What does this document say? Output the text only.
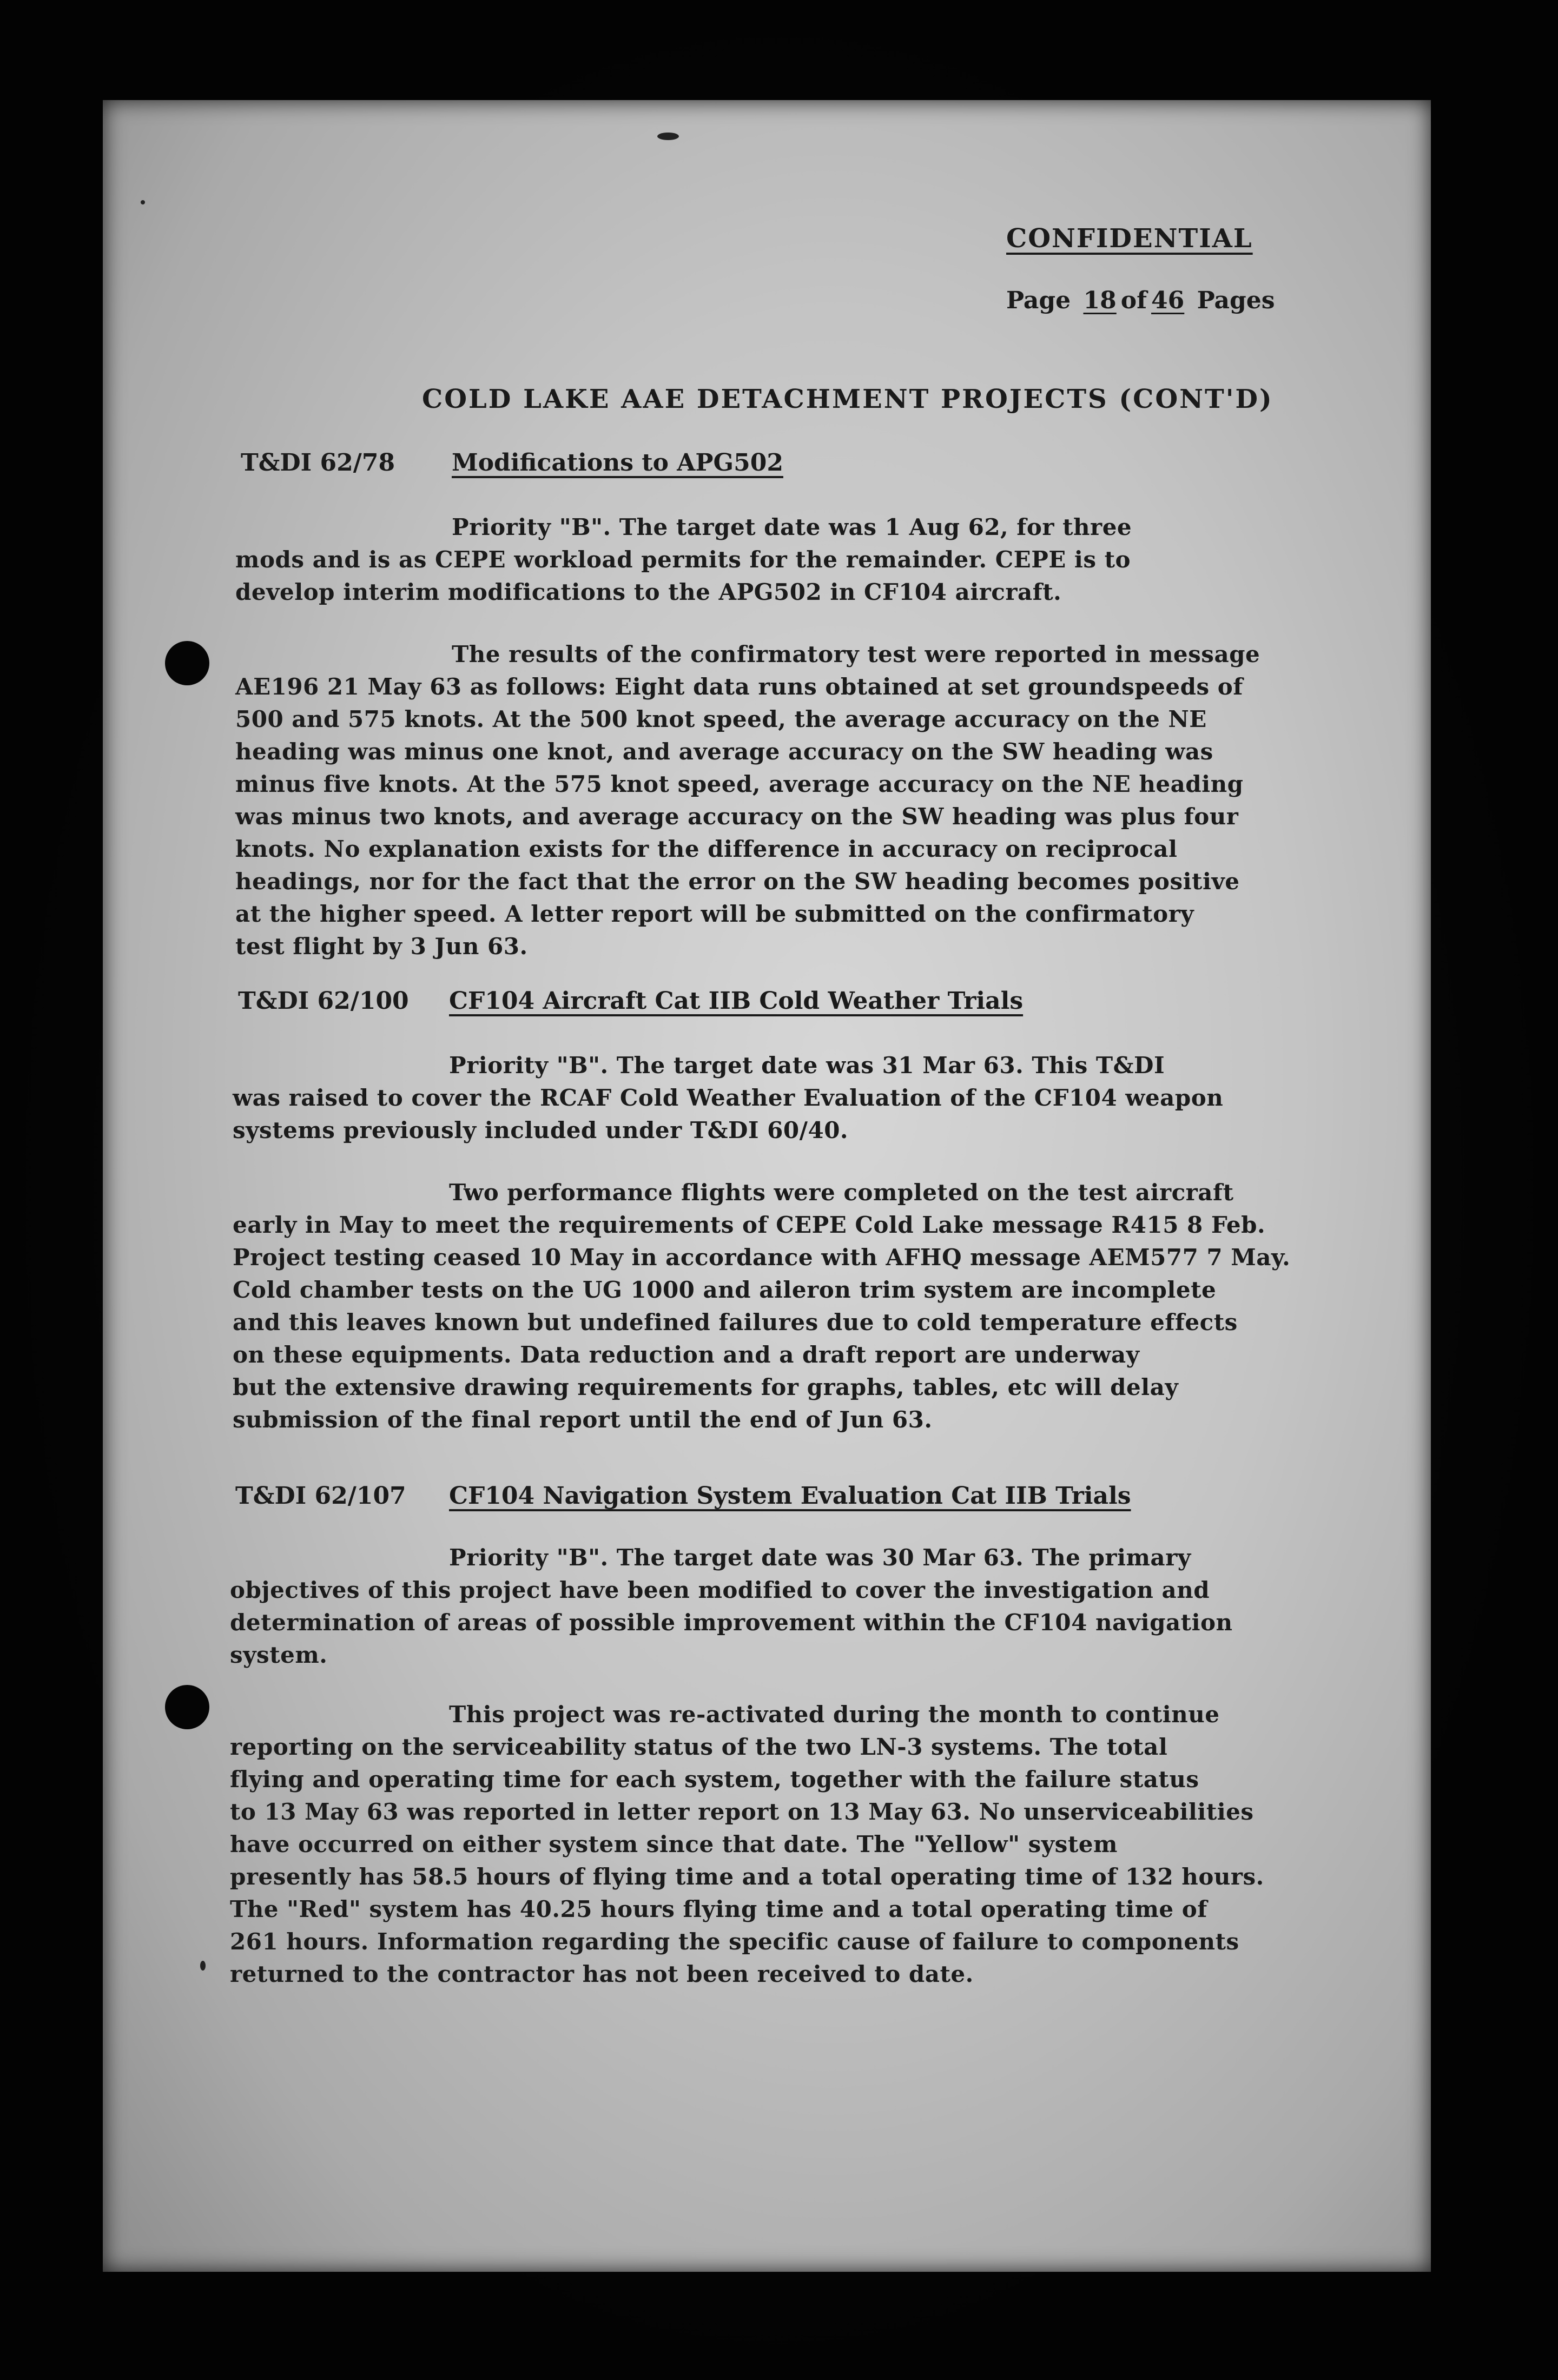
CONFIDENTIAL
Page 18 of 46 Pages
COLD LAKE AAE DETACHMENT PROJECTS (CONT'D)
T&DI 62/78 Modifications to APG502

Priority "B". The target date was 1 Aug 62, for three

mods and is as CEPE workload permits for the remainder. CEPE is to

develop interim modifications to the APG502 in CF104 aircraft.

The results of the confirmatory test were reported in message

AE196 21 May 63 as follows: Eight data runs obtained at set groundspeeds of

500 and 575 knots. At the 500 knot speed, the average accuracy on the NE

heading was minus one knot, and average accuracy on the SW heading was

minus five knots. At the 575 knot speed, average accuracy on the NE heading

was minus two knots, and average accuracy on the SW heading was plus four

knots. No explanation exists for the difference in accuracy on reciprocal

headings, nor for the fact that the error on the SW heading becomes positive

at the higher speed. A letter report will be submitted on the confirmatory

test flight by 3 Jun 63.

T&DI 62/100 CF104 Aircraft Cat IIB Cold Weather Trials

Priority "B". The target date was 31 Mar 63. This T&DI

was raised to cover the RCAF Cold Weather Evaluation of the CF104 weapon

systems previously included under T&DI 60/40.

Two performance flights were completed on the test aircraft

early in May to meet the requirements of CEPE Cold Lake message R415 8 Feb.

Project testing ceased 10 May in accordance with AFHQ message AEM577 7 May.

Cold chamber tests on the UG 1000 and aileron trim system are incomplete

and this leaves known but undefined failures due to cold temperature effects

on these equipments. Data reduction and a draft report are underway

but the extensive drawing requirements for graphs, tables, etc will delay

submission of the final report until the end of Jun 63.

T&DI 62/107 CF104 Navigation System Evaluation Cat IIB Trials

Priority "B". The target date was 30 Mar 63. The primary

objectives of this project have been modified to cover the investigation and

determination of areas of possible improvement within the CF104 navigation

system.

This project was re-activated during the month to continue

reporting on the serviceability status of the two LN-3 systems. The total

flying and operating time for each system, together with the failure status

to 13 May 63 was reported in letter report on 13 May 63. No unserviceabilities

have occurred on either system since that date. The "Yellow" system

presently has 58.5 hours of flying time and a total operating time of 132 hours.

The "Red" system has 40.25 hours flying time and a total operating time of

261 hours. Information regarding the specific cause of failure to components

returned to the contractor has not been received to date.
